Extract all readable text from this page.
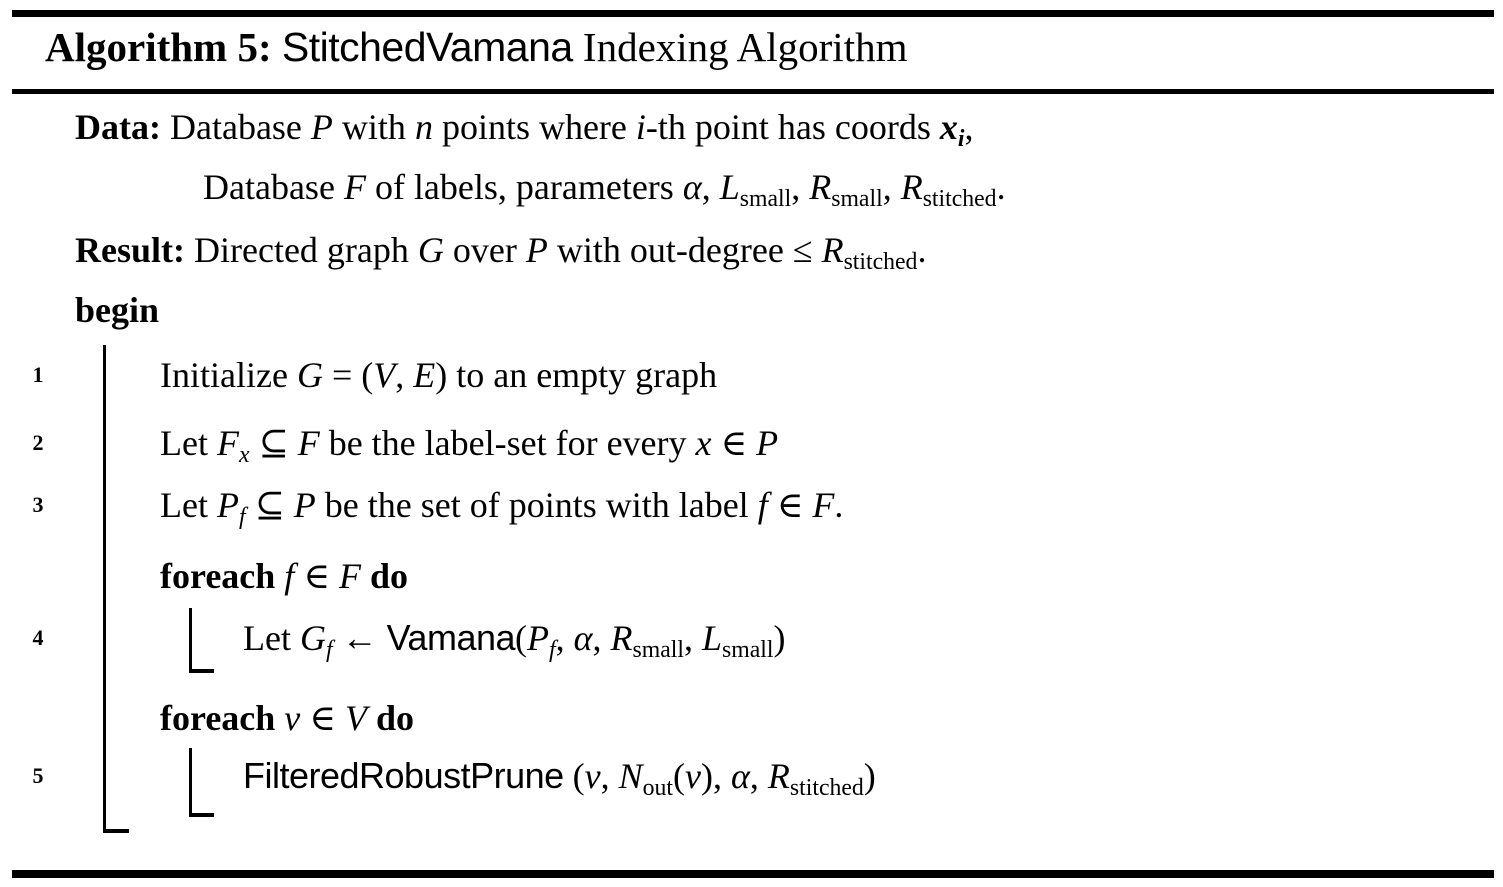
Algorithm 5: StitchedVamana Indexing Algorithm
Data: Database P with n points where i-th point has coords xi,
Database F of labels, parameters α, Lsmall, Rsmall, Rstitched.
Result: Directed graph G over P with out-degree ≤ Rstitched.
begin
1
2
3
4
5
Initialize G = (V, E) to an empty graph
Let Fx ⊆ F be the label-set for every x ∈ P
Let Pf ⊆ P be the set of points with label f ∈ F.
foreach f ∈ F do
Let Gf ← Vamana(Pf, α, Rsmall, Lsmall)
foreach v ∈ V do
FilteredRobustPrune (v, Nout(v), α, Rstitched)
